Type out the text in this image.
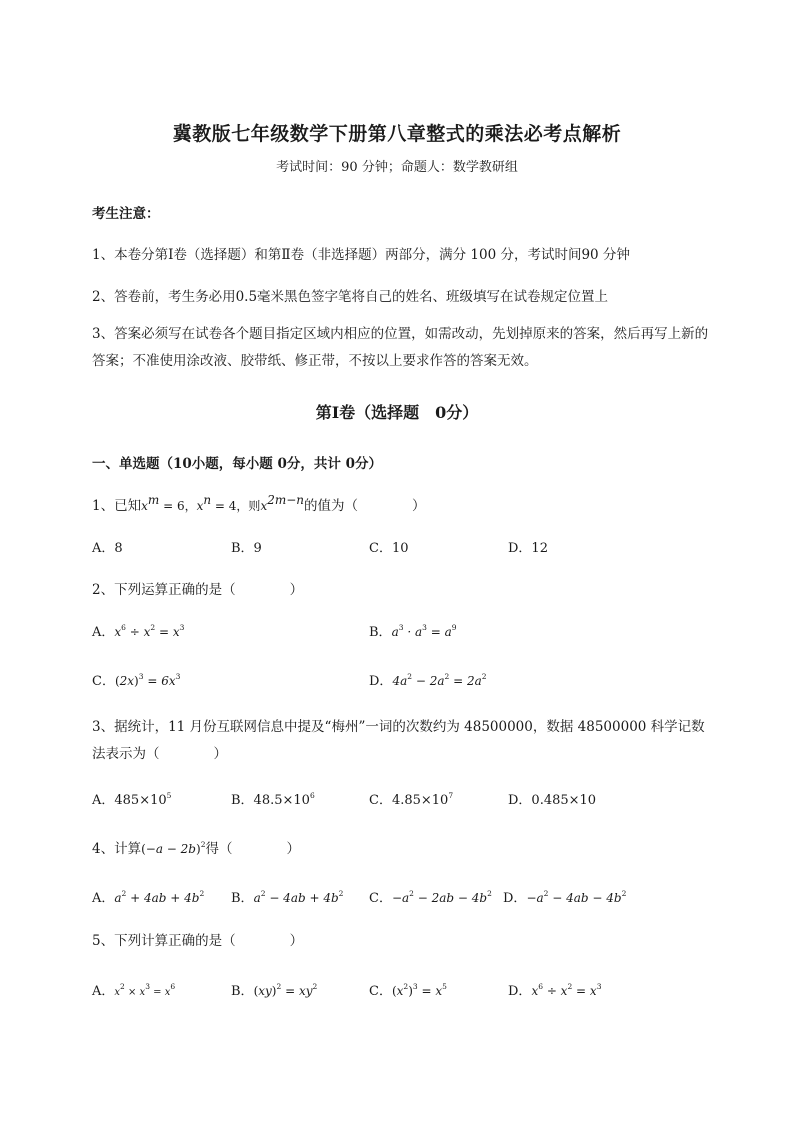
冀教版七年级数学下册第八章整式的乘法必考点解析
考试时间：90 分钟；命题人：数学教研组
考生注意：
1、本卷分第Ⅰ卷（选择题）和第Ⅱ卷（非选择题）两部分，满分 100 分，考试时间90 分钟
2、答卷前，考生务必用0.5毫米黑色签字笔将自己的姓名、班级填写在试卷规定位置上
3、答案必须写在试卷各个题目指定区域内相应的位置，如需改动，先划掉原来的答案，然后再写上新的答案；不准使用涂改液、胶带纸、修正带，不按以上要求作答的答案无效。
第Ⅰ卷（选择题　0分）
一、单选题（10小题，每小题 0分，共计 0分）
1、已知$x^m = 6$，$x^n = 4$，则$x^{2m-n}$的值为（　　　　）
A．8	B．9	C．10	D．12
2、下列运算正确的是（　　　　）
A．$x^6 \div x^2 = x^3$	B．$a^3 \cdot a^3 = a^9$
C．$(2x)^3 = 6x^3$	D．$4a^2 - 2a^2 = 2a^2$
3、据统计，11 月份互联网信息中提及“梅州”一词的次数约为 48500000，数据 48500000 科学记数法表示为（　　　　）
A．$485\times 10^5$	B．$48.5\times 10^6$	C．$4.85\times 10^7$	D．0.485×10
4、计算$(-a - 2b)^2$得（　　　　）
A．$a^2 + 4ab + 4b^2$ B．$a^2 - 4ab + 4b^2$ C．$-a^2 - 2ab - 4b^2$ D．$-a^2 - 4ab - 4b^2$
5、下列计算正确的是（　　　　）
A．$x^2 \times x^3 = x^6$	B．$(xy)^2 = xy^2$	C．$(x^2)^3 = x^5$	D．$x^6 \div x^2 = x^3$
